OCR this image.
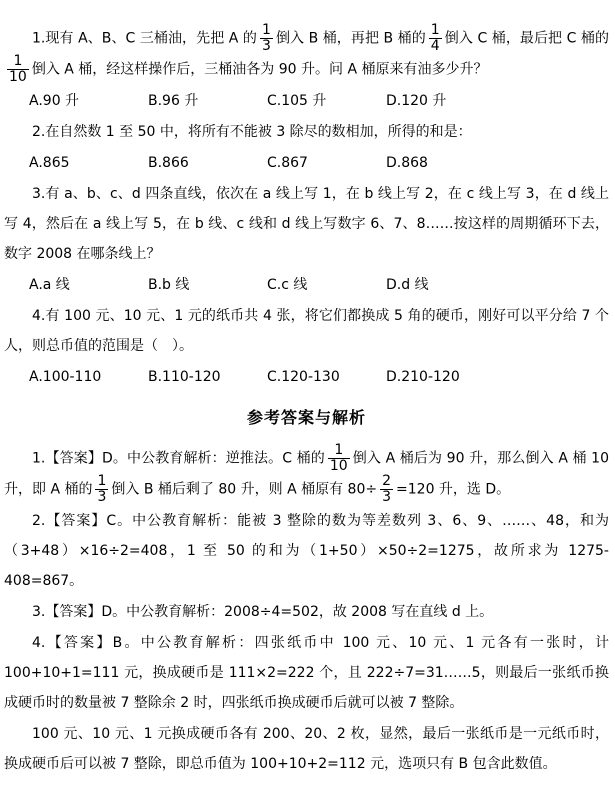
1.现有 A、B、C 三桶油，先把 A 的 $\frac{1}{3}$ 倒入 B 桶，再把 B 桶的 $\frac{1}{4}$ 倒入 C 桶，最后把 C 桶的
$\frac{1}{10}$ 倒入 A 桶，经这样操作后，三桶油各为 90 升。问 A 桶原来有油多少升？

A.90 升	B.96 升	C.105 升	D.120 升

2.在自然数 1 至 50 中，将所有不能被 3 除尽的数相加，所得的和是：

A.865	B.866	C.867	D.868

3.有 a、b、c、d 四条直线，依次在 a 线上写 1，在 b 线上写 2，在 c 线上写 3，在 d 线上写 4，然后在 a 线上写 5，在 b 线、c 线和 d 线上写数字 6、7、8……按这样的周期循环下去，数字 2008 在哪条线上？

A.a 线	B.b 线	C.c 线	D.d 线

4.有 100 元、10 元、1 元的纸币共 4 张，将它们都换成 5 角的硬币，刚好可以平分给 7 个人，则总币值的范围是（　）。

A.100-110	B.110-120	C.120-130	D.210-120
参考答案与解析

1.【答案】D。中公教育解析：逆推法。C 桶的 $\frac{1}{10}$ 倒入 A 桶后为 90 升，那么倒入 A 桶 10 升，即 A 桶的 $\frac{1}{3}$ 倒入 B 桶后剩了 80 升，则 A 桶原有 $80\div \frac{2}{3} =120$ 升，选 D。

2.【答案】C。中公教育解析：能被 3 整除的数为等差数列 3、6、9、……、48，和为（3+48）×16÷2=408，1 至 50 的和为（1+50）×50÷2=1275，故所求为 1275-408=867。

3.【答案】D。中公教育解析：2008÷4=502，故 2008 写在直线 d 上。

4.【答案】B。中公教育解析：四张纸币中 100 元、10 元、1 元各有一张时，计 100+10+1=111 元，换成硬币是 111×2=222 个，且 222÷7=31……5，则最后一张纸币换成硬币时的数量被 7 整除余 2 时，四张纸币换成硬币后就可以被 7 整除。

100 元、10 元、1 元换成硬币各有 200、20、2 枚，显然，最后一张纸币是一元纸币时，换成硬币后可以被 7 整除，即总币值为 100+10+2=112 元，选项只有 B 包含此数值。
